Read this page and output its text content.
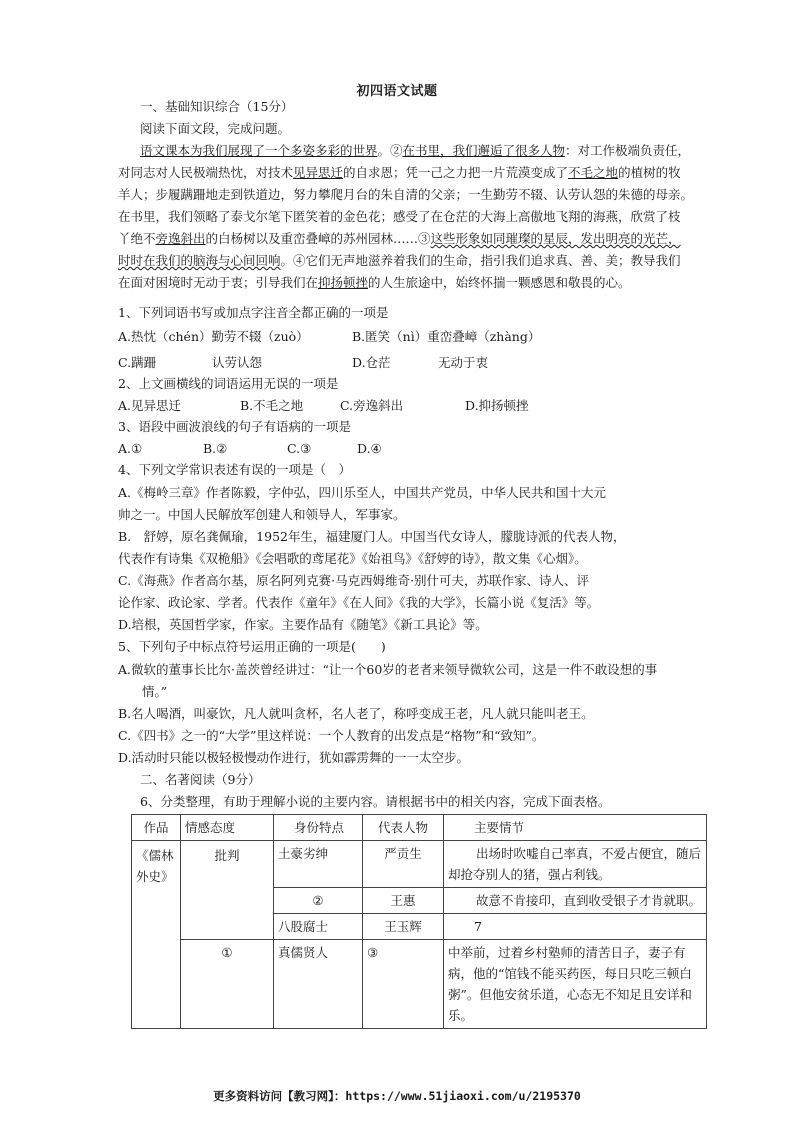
初四语文试题
一、基础知识综合（15分）
阅读下面文段，完成问题。
语文课本为我们展现了一个多姿多彩的世界。②在书里，我们邂逅了很多人物：对工作极端负责任，
对同志对人民极端热忱，对技术见异思迁的自求恩；凭一己之力把一片荒漠变成了不毛之地的植树的牧
羊人；步履蹒跚地走到铁道边，努力攀爬月台的朱自清的父亲；一生勤劳不辍、认劳认怨的朱德的母亲。
在书里，我们领略了泰戈尔笔下匿笑着的金色花；感受了在仓茫的大海上高傲地飞翔的海燕，欣赏了枝
丫绝不旁逸斜出的白杨树以及重峦叠嶂的苏州园林……③这些形象如同璀璨的星辰，发出明亮的光芒，
时时在我们的脑海与心间回响。④它们无声地滋养着我们的生命，指引我们追求真、善、美；教导我们
在面对困境时无动于衷；引导我们在抑扬顿挫的人生旅途中，始终怀揣一颗感恩和敬畏的心。
1、下列词语书写或加点字注音全都正确的一项是
A.热忱（chén）勤劳不辍（zuò）	B.匿笑（nì）重峦叠嶂（zhàng）
C.蹒跚	认劳认怨	D.仓茫	无动于衷
2、上文画横线的词语运用无误的一项是
A.见异思迁	B.不毛之地	C.旁逸斜出	D.抑扬顿挫
3、语段中画波浪线的句子有语病的一项是
A.①	B.②	C.③	D.④
4、下列文学常识表述有误的一项是（　）
A.《梅岭三章》作者陈毅，字仲弘，四川乐至人，中国共产党员，中华人民共和国十大元
帅之一。中国人民解放军创建人和领导人，军事家。
B.　舒婷，原名龚佩瑜，1952年生，福建厦门人。中国当代女诗人，朦胧诗派的代表人物，
代表作有诗集《双桅船》《会唱歌的鸢尾花》《始祖鸟》《舒婷的诗》，散文集《心烟》。
C.《海燕》作者高尔基，原名阿列克赛·马克西姆维奇·别什可夫，苏联作家、诗人、评
论作家、政论家、学者。代表作《童年》《在人间》《我的大学》，长篇小说《复活》等。
D.培根，英国哲学家，作家。主要作品有《随笔》《新工具论》等。
5、下列句子中标点符号运用正确的一项是(　　)
A.微软的董事长比尔·盖茨曾经讲过：“让一个60岁的老者来领导微软公司，这是一件不敢设想的事
情。”
B.名人喝酒，叫豪饮，凡人就叫贪杯，名人老了，称呼变成王老，凡人就只能叫老王。
C.《四书》之一的“大学”里这样说：一个人教育的出发点是“格物”和“致知”。
D.活动时只能以极轻极慢动作进行，犹如霹雳舞的一一太空步。
二、名著阅读（9分）
6、分类整理，有助于理解小说的主要内容。请根据书中的相关内容，完成下面表格。
作品	情感态度	身份特点	代表人物	主要情节
《儒林外史》	批判	土豪劣绅	严贡生	出场时吹嘘自己率真，不爱占便宜，随后却抢夺别人的猪，强占利钱。
		②	王惠	故意不肯接印，直到收受银子才肯就职。
		八股腐士	王玉辉	7
	①	真儒贤人	③	中举前，过着乡村塾师的清苦日子，妻子有病，他的“馆钱不能买药医，每日只吃三顿白粥”。但他安贫乐道，心态无不知足且安详和乐。
更多资料访问【教习网】：https://www.51jiaoxi.com/u/2195370
